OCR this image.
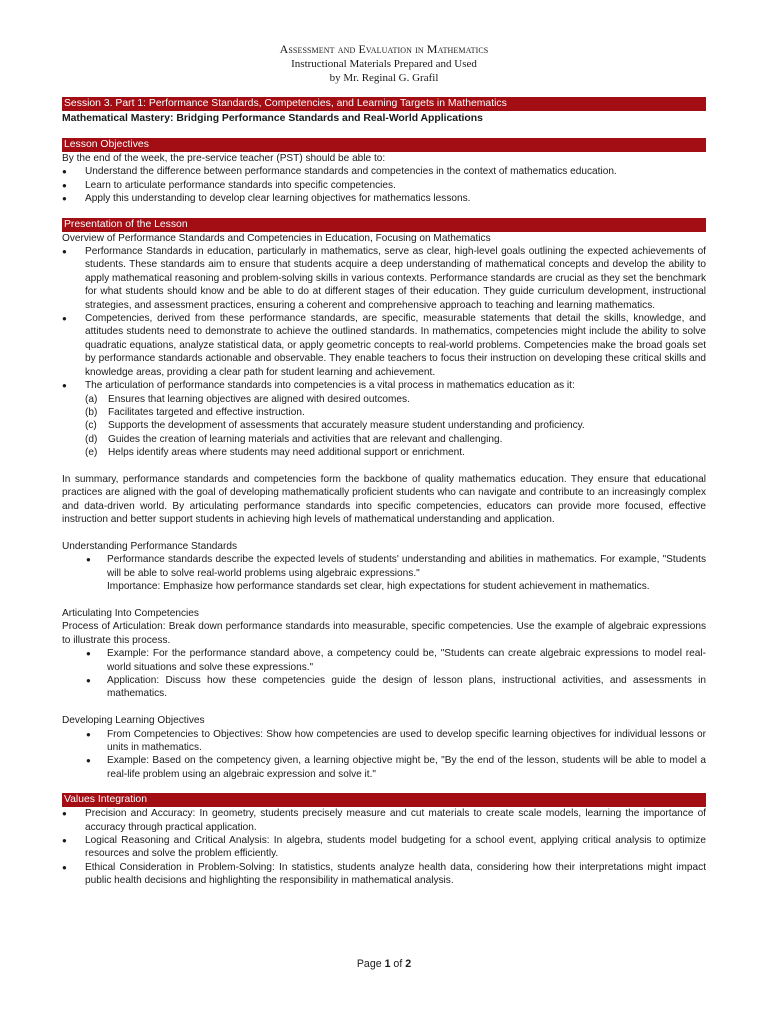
Assessment and Evaluation in Mathematics
Instructional Materials Prepared and Used
by Mr. Reginal G. Grafil
Session 3. Part 1: Performance Standards, Competencies, and Learning Targets in Mathematics
Mathematical Mastery: Bridging Performance Standards and Real-World Applications
Lesson Objectives

By the end of the week, the pre-service teacher (PST) should be able to:

● Understand the difference between performance standards and competencies in the context of mathematics education.
● Learn to articulate performance standards into specific competencies.
● Apply this understanding to develop clear learning objectives for mathematics lessons.
Presentation of the Lesson

Overview of Performance Standards and Competencies in Education, Focusing on Mathematics

● Performance Standards in education, particularly in mathematics, serve as clear, high-level goals outlining the expected achievements of students. These standards aim to ensure that students acquire a deep understanding of mathematical concepts and develop the ability to apply mathematical reasoning and problem-solving skills in various contexts. Performance standards are crucial as they set the benchmark for what students should know and be able to do at different stages of their education. They guide curriculum development, instructional strategies, and assessment practices, ensuring a coherent and comprehensive approach to teaching and learning mathematics.
● Competencies, derived from these performance standards, are specific, measurable statements that detail the skills, knowledge, and attitudes students need to demonstrate to achieve the outlined standards. In mathematics, competencies might include the ability to solve quadratic equations, analyze statistical data, or apply geometric concepts to real-world problems. Competencies make the broad goals set by performance standards actionable and observable. They enable teachers to focus their instruction on developing these critical skills and knowledge areas, providing a clear path for student learning and achievement.
● The articulation of performance standards into competencies is a vital process in mathematics education as it:
(a) Ensures that learning objectives are aligned with desired outcomes.
(b) Facilitates targeted and effective instruction.
(c) Supports the development of assessments that accurately measure student understanding and proficiency.
(d) Guides the creation of learning materials and activities that are relevant and challenging.
(e) Helps identify areas where students may need additional support or enrichment.

In summary, performance standards and competencies form the backbone of quality mathematics education. They ensure that educational practices are aligned with the goal of developing mathematically proficient students who can navigate and contribute to an increasingly complex and data-driven world. By articulating performance standards into specific competencies, educators can provide more focused, effective instruction and better support students in achieving high levels of mathematical understanding and application.

Understanding Performance Standards

● Performance standards describe the expected levels of students' understanding and abilities in mathematics. For example, "Students will be able to solve real-world problems using algebraic expressions."
Importance: Emphasize how performance standards set clear, high expectations for student achievement in mathematics.

Articulating Into Competencies

Process of Articulation: Break down performance standards into measurable, specific competencies. Use the example of algebraic expressions to illustrate this process.

● Example: For the performance standard above, a competency could be, "Students can create algebraic expressions to model real-world situations and solve these expressions."
● Application: Discuss how these competencies guide the design of lesson plans, instructional activities, and assessments in mathematics.

Developing Learning Objectives

● From Competencies to Objectives: Show how competencies are used to develop specific learning objectives for individual lessons or units in mathematics.
● Example: Based on the competency given, a learning objective might be, "By the end of the lesson, students will be able to model a real-life problem using an algebraic expression and solve it."
Values Integration
● Precision and Accuracy: In geometry, students precisely measure and cut materials to create scale models, learning the importance of accuracy through practical application.
● Logical Reasoning and Critical Analysis: In algebra, students model budgeting for a school event, applying critical analysis to optimize resources and solve the problem efficiently.
● Ethical Consideration in Problem-Solving: In statistics, students analyze health data, considering how their interpretations might impact public health decisions and highlighting the responsibility in mathematical analysis.
Page 1 of 2
